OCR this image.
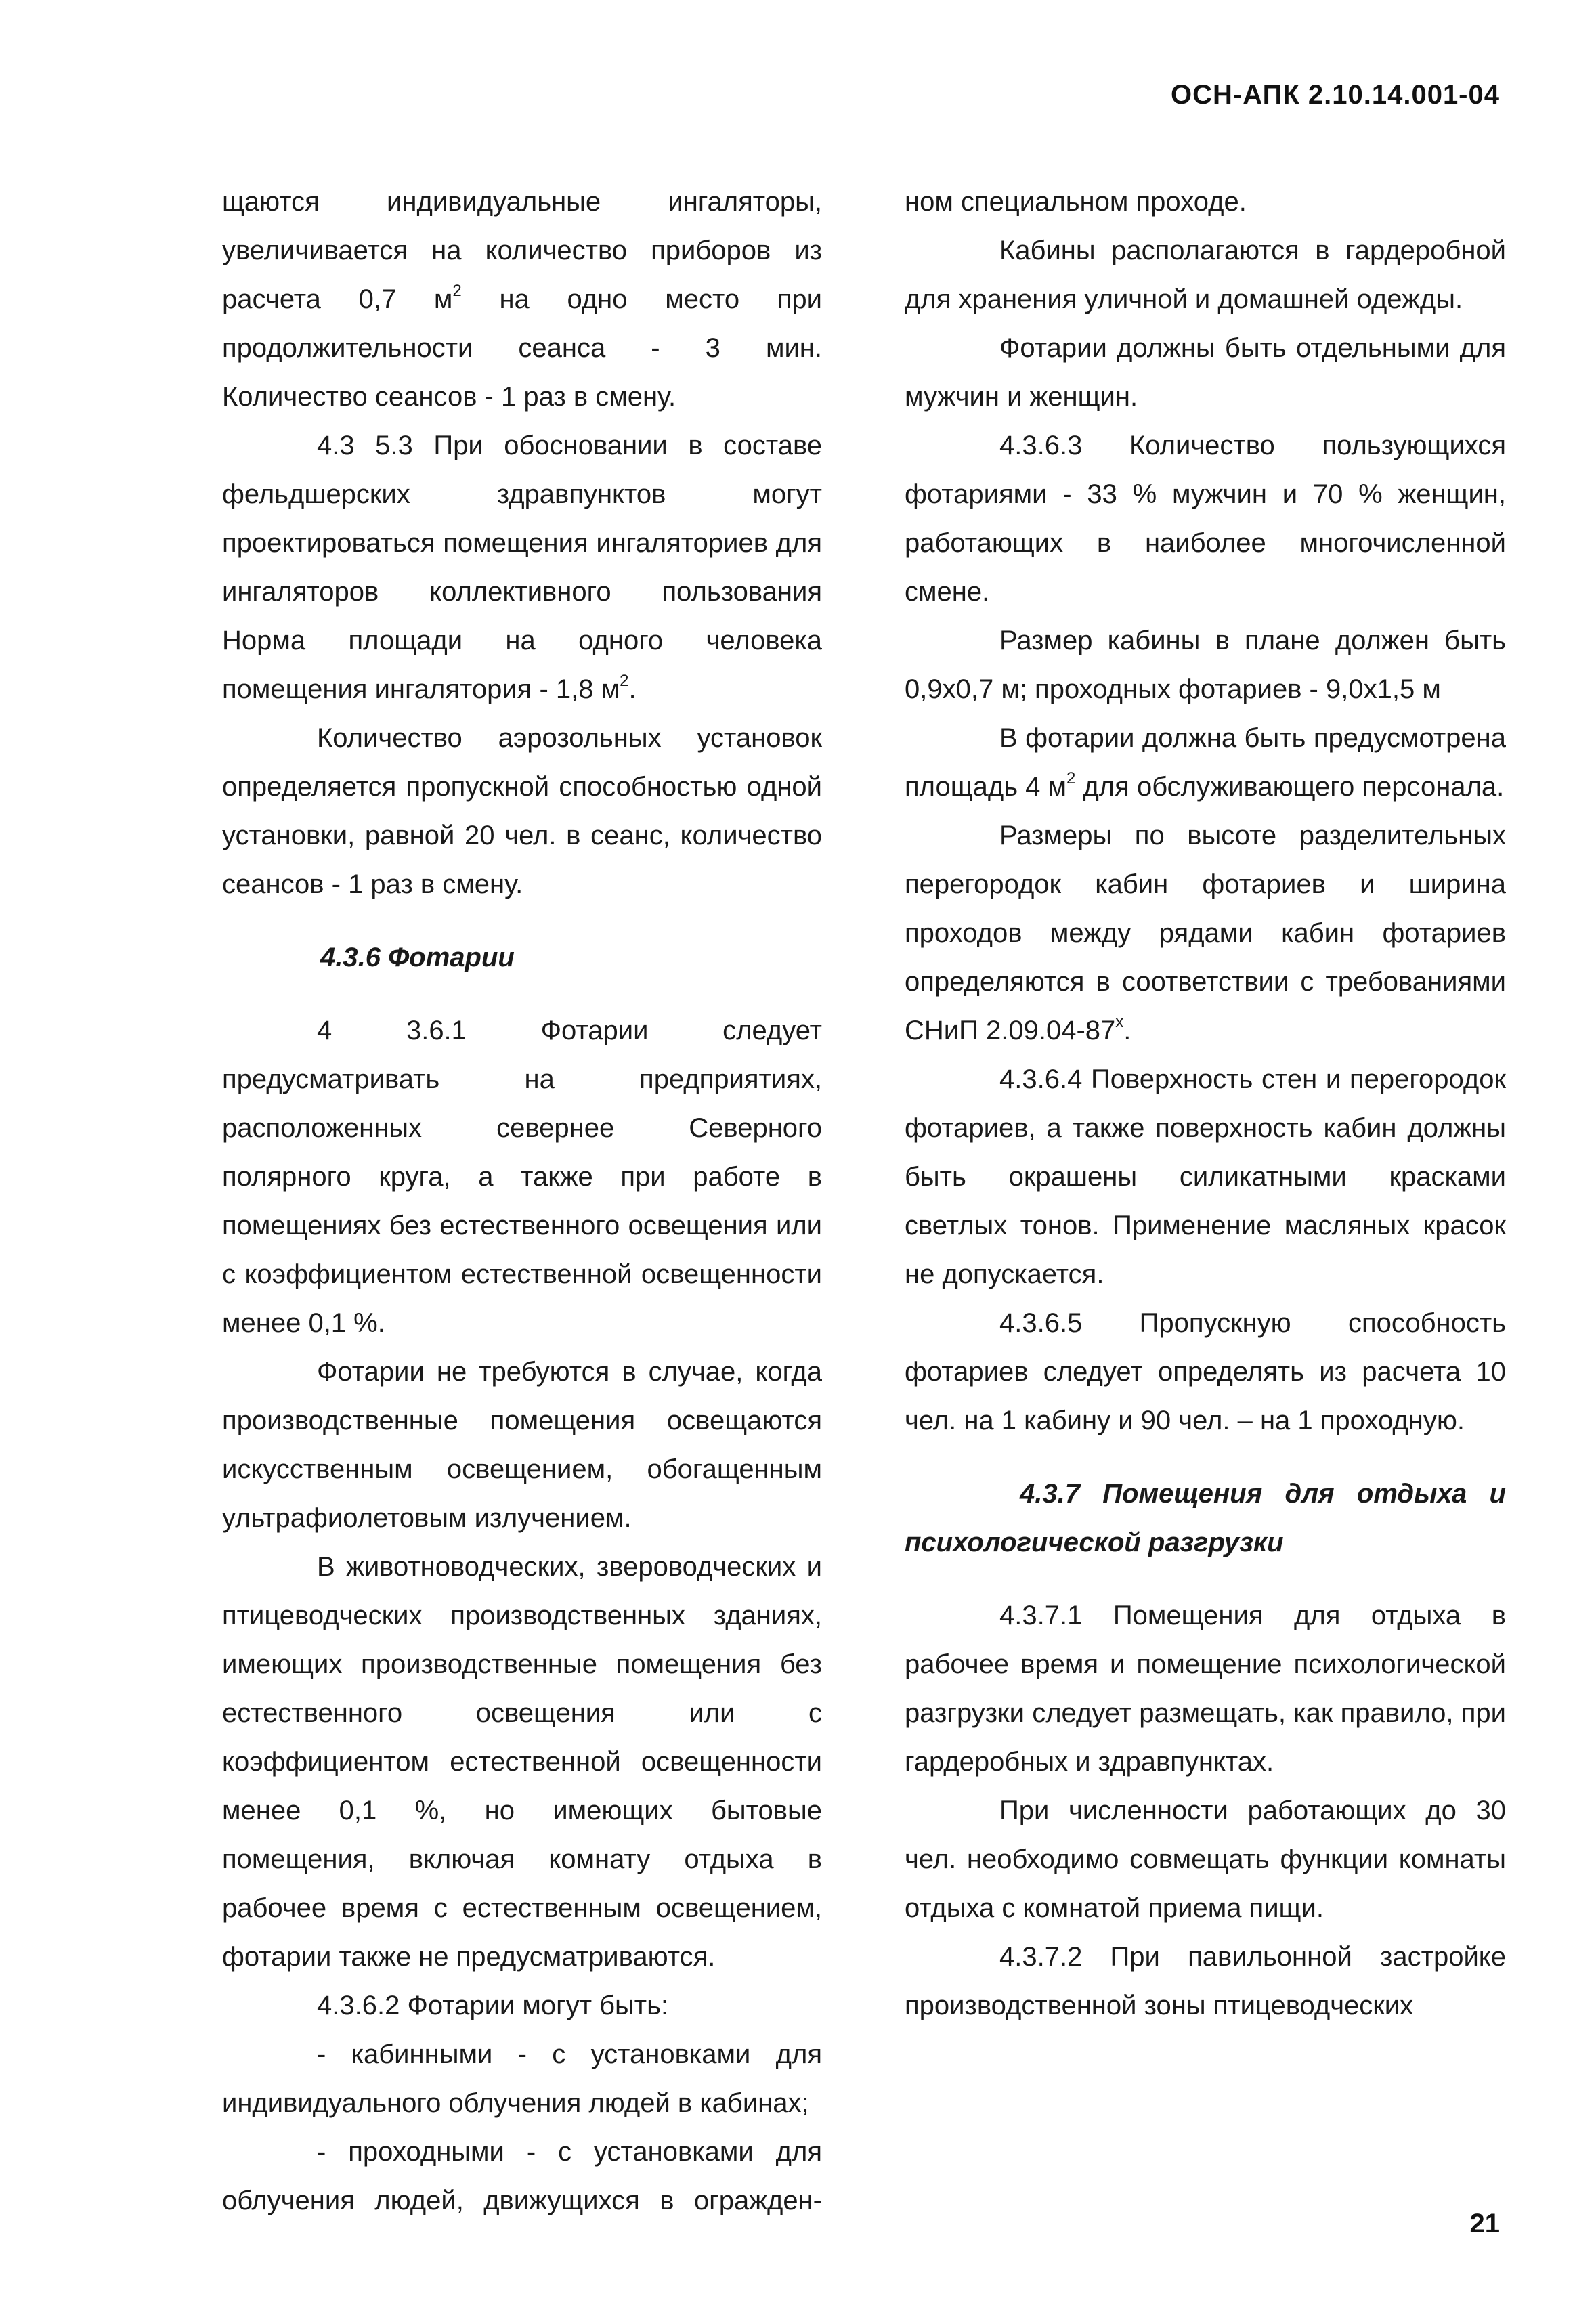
ОСН-АПК 2.10.14.001-04

щаются индивидуальные ингаляторы, увеличивается на количество приборов из расчета 0,7 $м^2$ на одно место при продолжительности сеанса - 3 мин. Количество сеансов - 1 раз в смену.

4.3 5.3 При обосновании в составе фельдшерских здравпунктов могут проектироваться помещения ингаляториев для ингаляторов коллективного пользования Норма площади на одного человека помещения ингалятория - 1,8 $м^2$.

Количество аэрозольных установок определяется пропускной способностью одной установки, равной 20 чел. в сеанс, количество сеансов - 1 раз в смену.

4.3.6 Фотарии

4 3.6.1 Фотарии следует предусматривать на предприятиях, расположенных севернее Северного полярного круга, а также при работе в помещениях без естественного освещения или с коэффициентом естественной освещенности менее 0,1 %.

Фотарии не требуются в случае, когда производственные помещения освещаются искусственным освещением, обогащенным ультрафиолетовым излучением.

В животноводческих, звероводческих и птицеводческих производственных зданиях, имеющих производственные помещения без естественного освещения или с коэффициентом естественной освещенности менее 0,1 %, но имеющих бытовые помещения, включая комнату отдыха в рабочее время с естественным освещением, фотарии также не предусматриваются.

4.3.6.2 Фотарии могут быть:

- кабинными - с установками для индивидуального облучения людей в кабинах;

- проходными - с установками для облучения людей, движущихся в огражден-

ном специальном проходе.

Кабины располагаются в гардеробной для хранения уличной и домашней одежды.

Фотарии должны быть отдельными для мужчин и женщин.

4.3.6.3 Количество пользующихся фотариями - 33 % мужчин и 70 % женщин, работающих в наиболее многочисленной смене.

Размер кабины в плане должен быть 0,9х0,7 м; проходных фотариев - 9,0х1,5 м

В фотарии должна быть предусмотрена площадь 4 $м^2$ для обслуживающего персонала.

Размеры по высоте разделительных перегородок кабин фотариев и ширина проходов между рядами кабин фотариев определяются в соответствии с требованиями СНиП $2.09.04-87^х$.

4.3.6.4 Поверхность стен и перегородок фотариев, а также поверхность кабин должны быть окрашены силикатными красками светлых тонов. Применение масляных красок не допускается.

4.3.6.5 Пропускную способность фотариев следует определять из расчета 10 чел. на 1 кабину и 90 чел. – на 1 проходную.

4.3.7 Помещения для отдыха и
психологической разгрузки

4.3.7.1 Помещения для отдыха в рабочее время и помещение психологической разгрузки следует размещать, как правило, при гардеробных и здравпунктах.

При численности работающих до 30 чел. необходимо совмещать функции комнаты отдыха с комнатой приема пищи.

4.3.7.2 При павильонной застройке производственной зоны птицеводческих

21
